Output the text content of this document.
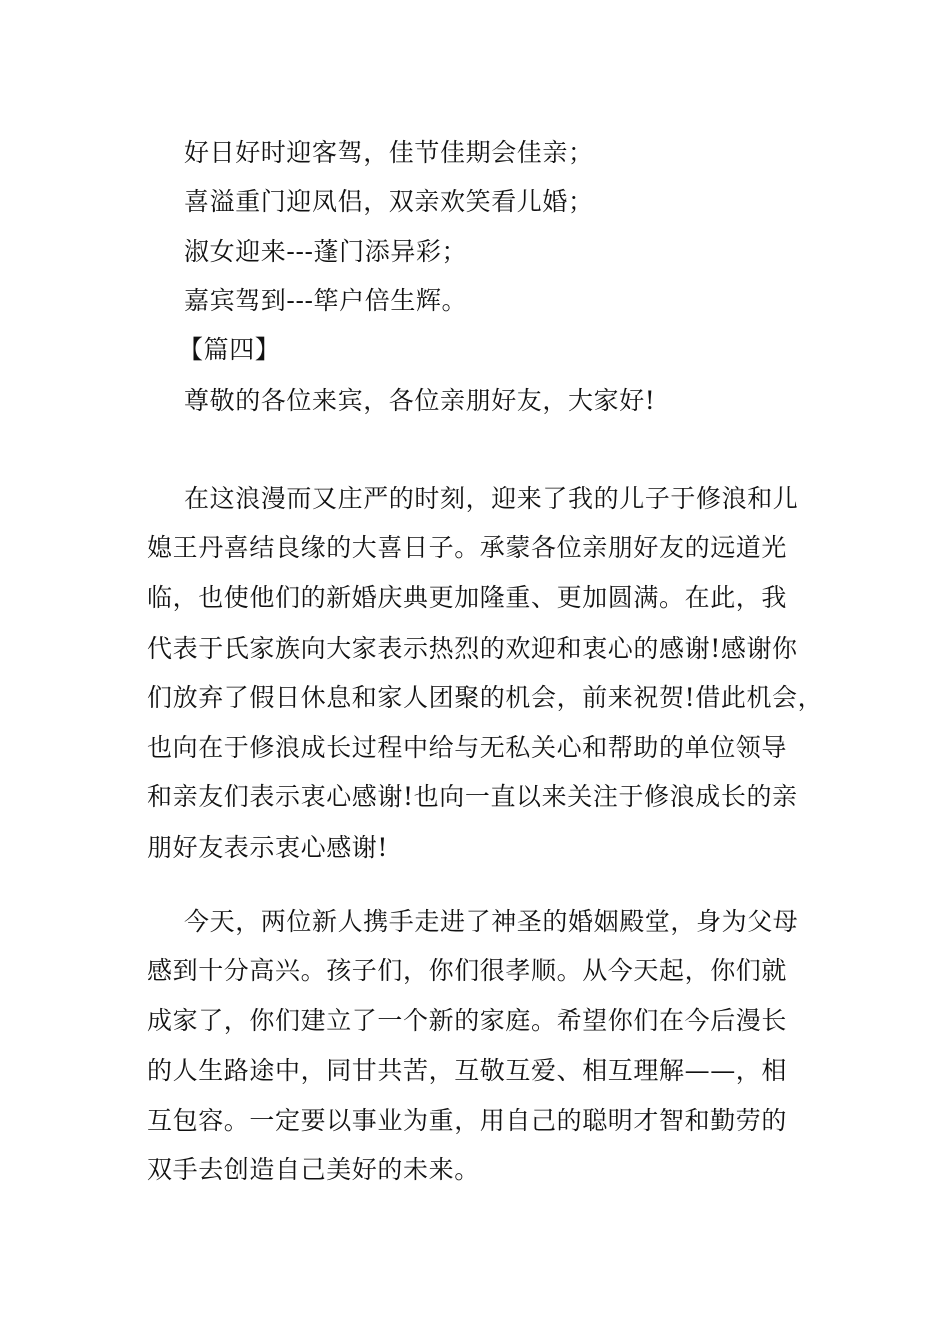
好日好时迎客驾，佳节佳期会佳亲；
喜溢重门迎凤侣，双亲欢笑看儿婚；
淑女迎来---蓬门添异彩；
嘉宾驾到---筚户倍生辉。
【篇四】
尊敬的各位来宾，各位亲朋好友，大家好!
在这浪漫而又庄严的时刻，迎来了我的儿子于修浪和儿
媳王丹喜结良缘的大喜日子。承蒙各位亲朋好友的远道光
临，也使他们的新婚庆典更加隆重、更加圆满。在此，我
代表于氏家族向大家表示热烈的欢迎和衷心的感谢!感谢你
们放弃了假日休息和家人团聚的机会，前来祝贺!借此机会，
也向在于修浪成长过程中给与无私关心和帮助的单位领导
和亲友们表示衷心感谢!也向一直以来关注于修浪成长的亲
朋好友表示衷心感谢!
今天，两位新人携手走进了神圣的婚姻殿堂，身为父母
感到十分高兴。孩子们，你们很孝顺。从今天起，你们就
成家了，你们建立了一个新的家庭。希望你们在今后漫长
的人生路途中，同甘共苦，互敬互爱、相互理解——，相
互包容。一定要以事业为重，用自己的聪明才智和勤劳的
双手去创造自己美好的未来。
